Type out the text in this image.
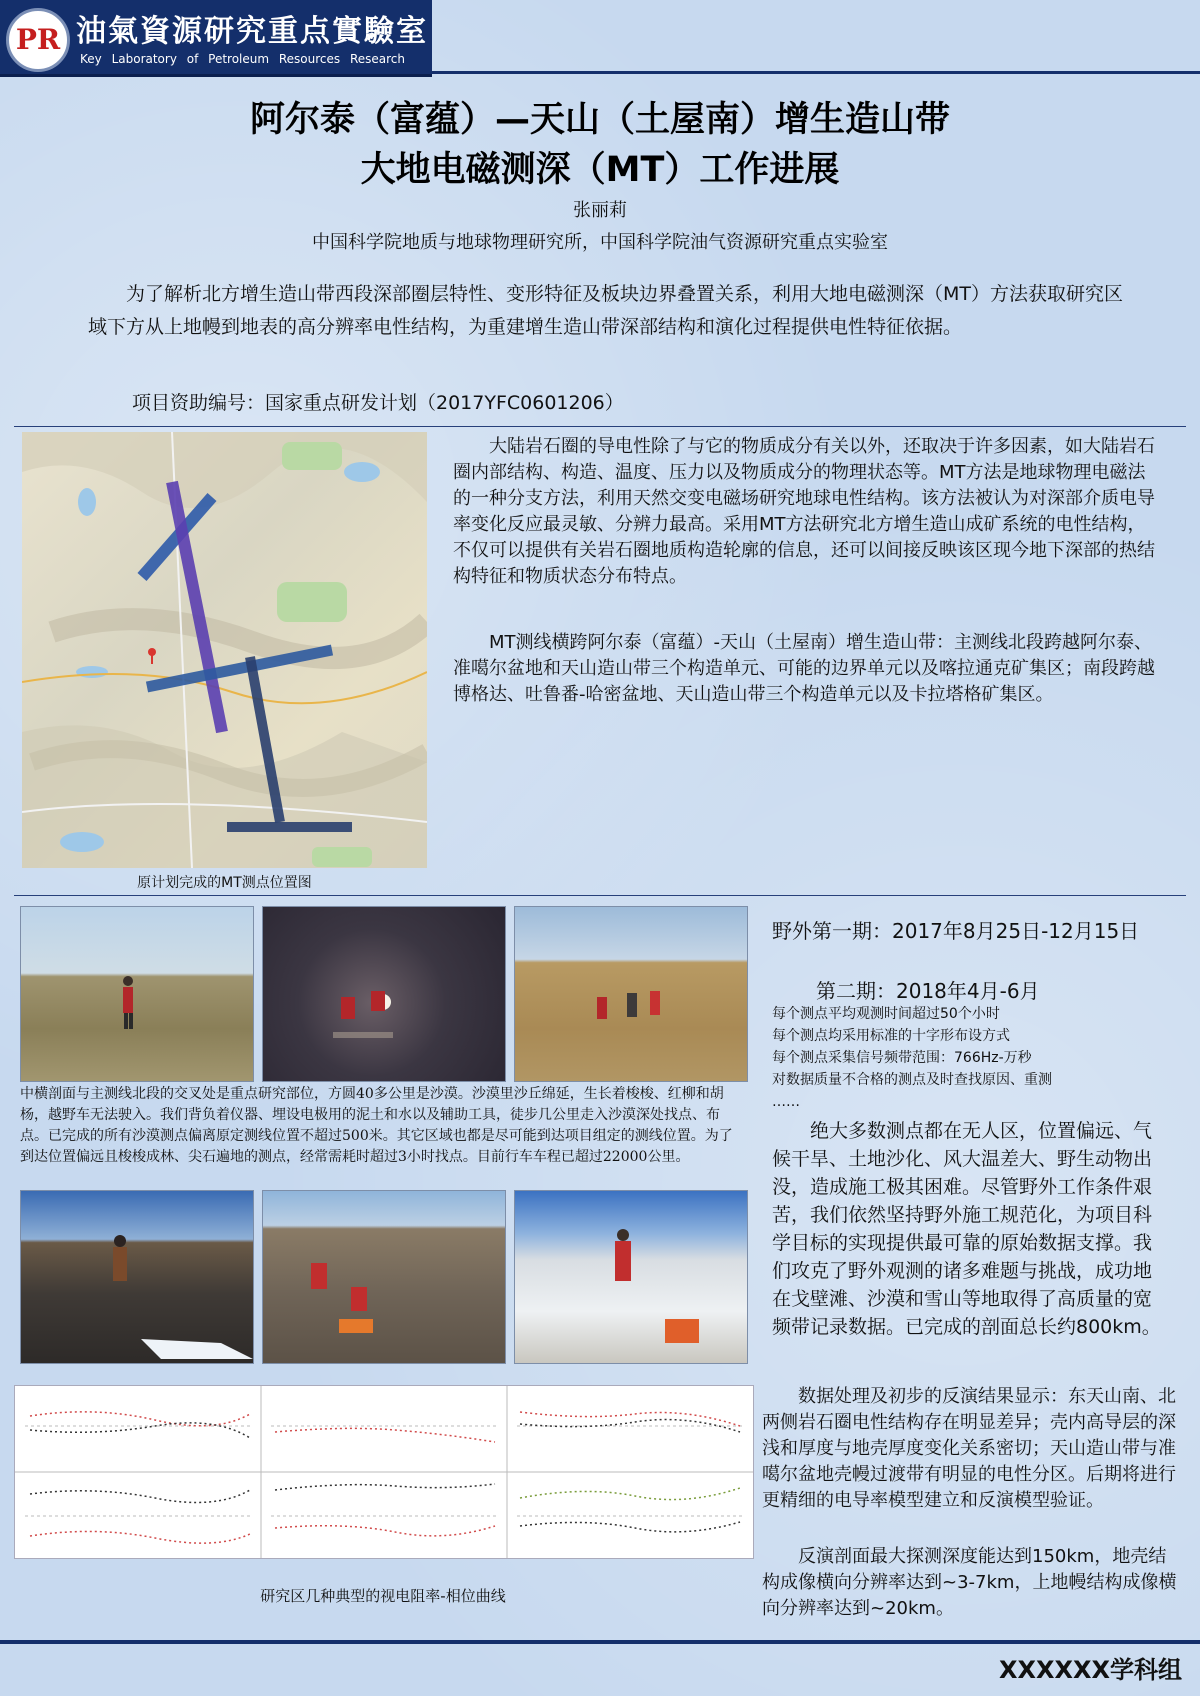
PR 油氣資源研究重点實驗室
Key Laboratory of Petroleum Resources Research
阿尔泰（富蕴）—天山（土屋南）增生造山带
大地电磁测深（MT）工作进展
张丽莉
中国科学院地质与地球物理研究所，中国科学院油气资源研究重点实验室
为了解析北方增生造山带西段深部圈层特性、变形特征及板块边界叠置关系，利用大地电磁测深（MT）方法获取研究区域下方从上地幔到地表的高分辨率电性结构，为重建增生造山带深部结构和演化过程提供电性特征依据。
项目资助编号：国家重点研发计划（2017YFC0601206）
原计划完成的MT测点位置图
大陆岩石圈的导电性除了与它的物质成分有关以外，还取决于许多因素，如大陆岩石圈内部结构、构造、温度、压力以及物质成分的物理状态等。MT方法是地球物理电磁法的一种分支方法，利用天然交变电磁场研究地球电性结构。该方法被认为对深部介质电导率变化反应最灵敏、分辨力最高。采用MT方法研究北方增生造山成矿系统的电性结构，不仅可以提供有关岩石圈地质构造轮廓的信息，还可以间接反映该区现今地下深部的热结构特征和物质状态分布特点。
MT测线横跨阿尔泰（富蕴）-天山（土屋南）增生造山带：主测线北段跨越阿尔泰、准噶尔盆地和天山造山带三个构造单元、可能的边界单元以及喀拉通克矿集区；南段跨越博格达、吐鲁番-哈密盆地、天山造山带三个构造单元以及卡拉塔格矿集区。
中横剖面与主测线北段的交叉处是重点研究部位，方圆40多公里是沙漠。沙漠里沙丘绵延，生长着梭梭、红柳和胡杨，越野车无法驶入。我们背负着仪器、埋设电极用的泥土和水以及辅助工具，徒步几公里走入沙漠深处找点、布点。已完成的所有沙漠测点偏离原定测线位置不超过500米。其它区域也都是尽可能到达项目组定的测线位置。为了到达位置偏远且梭梭成林、尖石遍地的测点，经常需耗时超过3小时找点。目前行车车程已超过22000公里。
野外第一期：2017年8月25日-12月15日
第二期：2018年4月-6月
每个测点平均观测时间超过50个小时
每个测点均采用标准的十字形布设方式
每个测点采集信号频带范围：766Hz-万秒
对数据质量不合格的测点及时查找原因、重测
……
绝大多数测点都在无人区，位置偏远、气候干旱、土地沙化、风大温差大、野生动物出没，造成施工极其困难。尽管野外工作条件艰苦，我们依然坚持野外施工规范化，为项目科学目标的实现提供最可靠的原始数据支撑。我们攻克了野外观测的诸多难题与挑战，成功地在戈壁滩、沙漠和雪山等地取得了高质量的宽频带记录数据。已完成的剖面总长约800km。
研究区几种典型的视电阻率-相位曲线
数据处理及初步的反演结果显示：东天山南、北两侧岩石圈电性结构存在明显差异；壳内高导层的深浅和厚度与地壳厚度变化关系密切；天山造山带与准噶尔盆地壳幔过渡带有明显的电性分区。后期将进行更精细的电导率模型建立和反演模型验证。
反演剖面最大探测深度能达到150km，地壳结构成像横向分辨率达到~3-7km，上地幔结构成像横向分辨率达到~20km。
XXXXXX学科组
